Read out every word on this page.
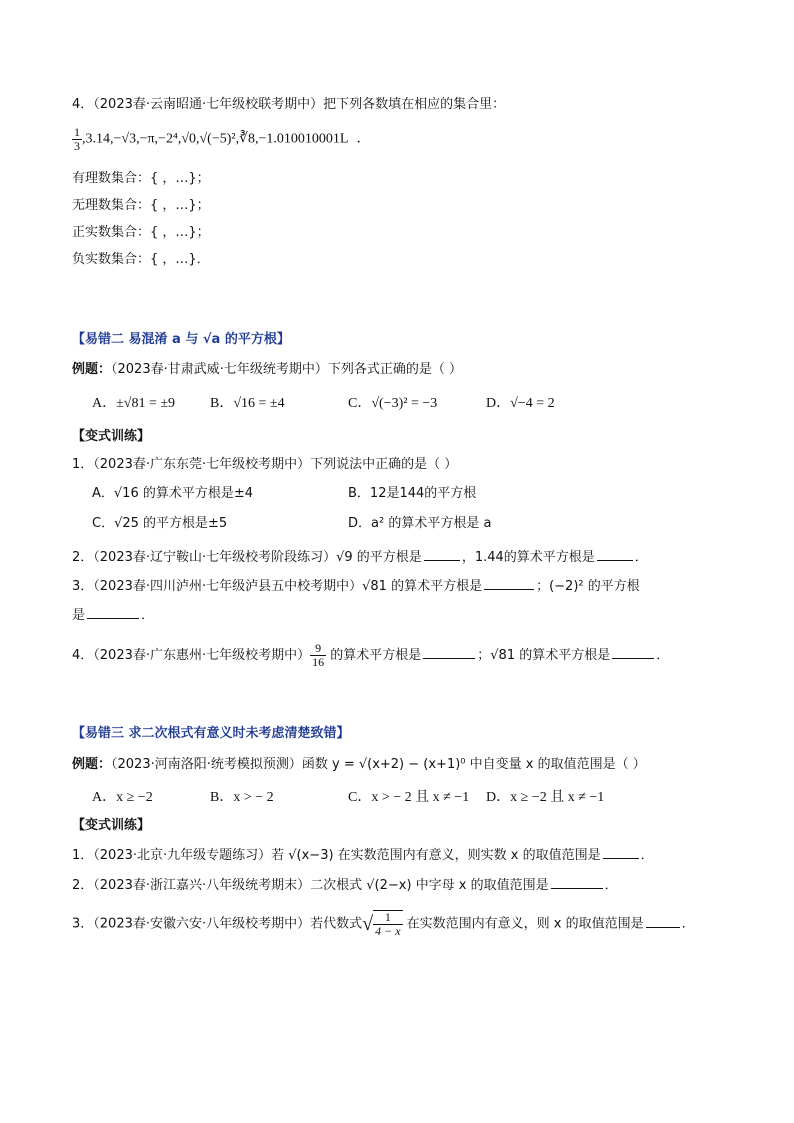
4．（2023春·云南昭通·七年级校联考期中）把下列各数填在相应的集合里：
$\frac{1}{3}$ ,3.14,−√3,−π,−2⁴,√0,√(−5)²,∛8,−1.010010001L ．
有理数集合：{ ，…}；
无理数集合：{ ，…}；
正实数集合：{ ，…}；
负实数集合：{ ，…}．
【易错二 易混淆 a 与 √a 的平方根】
例题：（2023春·甘肃武威·七年级统考期中）下列各式正确的是（ ）
A．±√81 = ±9 B．√16 = ±4	C．√(−3)² = −3	D．√−4 = 2
【变式训练】
1．（2023春·广东东莞·七年级校考期中）下列说法中正确的是（ ）
A．√16 的算术平方根是±4	B．12是144的平方根
C．√25 的平方根是±5	D．a² 的算术平方根是 a
2．（2023春·辽宁鞍山·七年级校考阶段练习）√9 的平方根是	，1.44的算术平方根是	．
3．（2023春·四川泸州·七年级泸县五中校考期中）√81 的算术平方根是	；(−2)² 的平方根
是	．
4．（2023春·广东惠州·七年级校考期中） $\frac{9}{16}$ 的算术平方根是	；√81 的算术平方根是	．
【易错三 求二次根式有意义时未考虑清楚致错】
例题：（2023·河南洛阳·统考模拟预测）函数 y = √(x+2) − (x+1)⁰ 中自变量 x 的取值范围是（ ）
A．x ≥ −2	B．x > − 2	C．x > − 2 且 x ≠ −1 D．x ≥ −2 且 x ≠ −1
【变式训练】
1．（2023·北京·九年级专题练习）若 √(x−3) 在实数范围内有意义，则实数 x 的取值范围是	．
2．（2023春·浙江嘉兴·八年级统考期末）二次根式 √(2−x) 中字母 x 的取值范围是	．
3．（2023春·安徽六安·八年级校考期中）若代数式√ $\frac{1}{4 - x}$ 在实数范围内有意义，则 x 的取值范围是	．
